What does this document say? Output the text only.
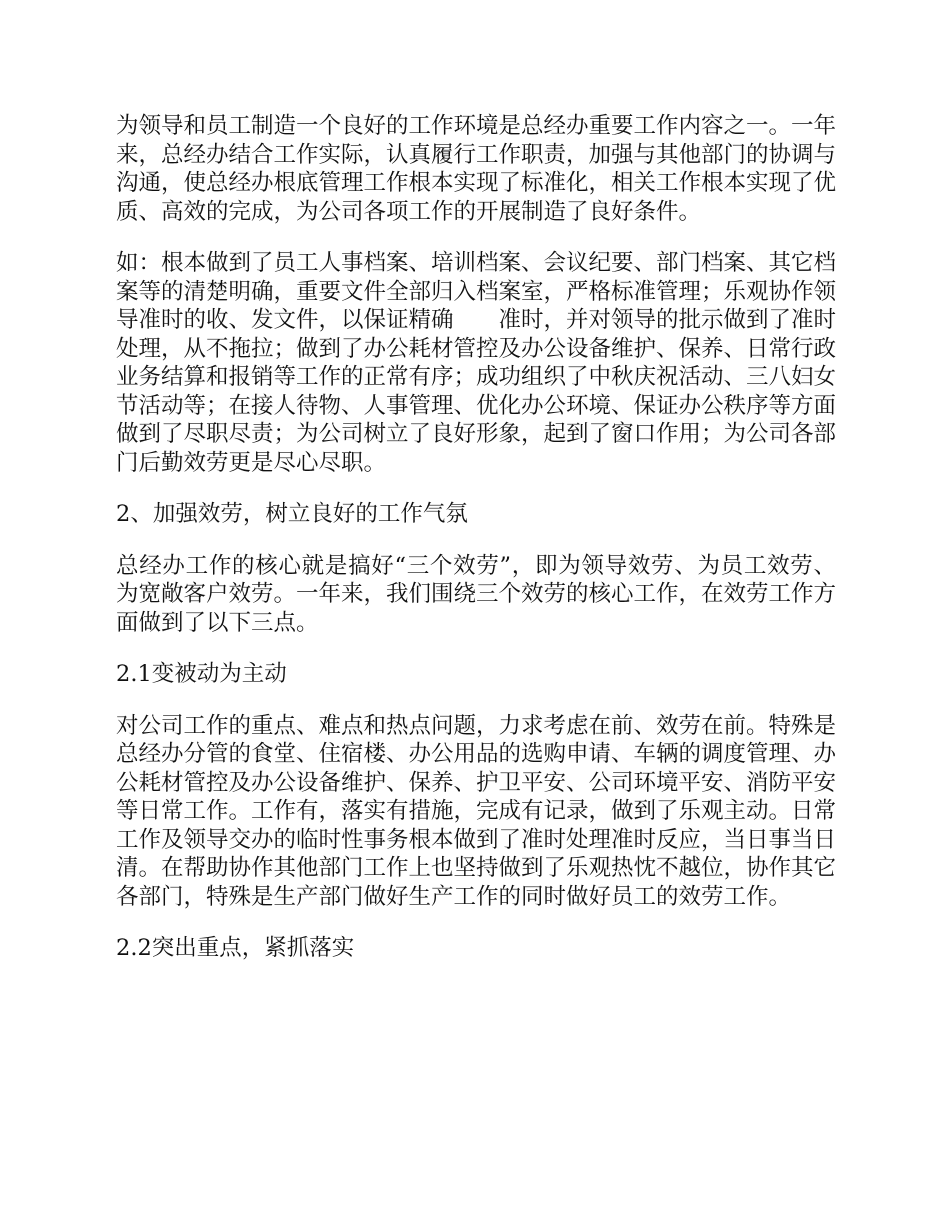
为领导和员工制造一个良好的工作环境是总经办重要工作内容之一。一年来，总经办结合工作实际，认真履行工作职责，加强与其他部门的协调与沟通，使总经办根底管理工作根本实现了标准化，相关工作根本实现了优质、高效的完成，为公司各项工作的开展制造了良好条件。

如：根本做到了员工人事档案、培训档案、会议纪要、部门档案、其它档案等的清楚明确，重要文件全部归入档案室，严格标准管理；乐观协作领导准时的收、发文件，以保证精确　　准时，并对领导的批示做到了准时处理，从不拖拉；做到了办公耗材管控及办公设备维护、保养、日常行政业务结算和报销等工作的正常有序；成功组织了中秋庆祝活动、三八妇女节活动等；在接人待物、人事管理、优化办公环境、保证办公秩序等方面做到了尽职尽责；为公司树立了良好形象，起到了窗口作用；为公司各部门后勤效劳更是尽心尽职。

2、加强效劳，树立良好的工作气氛

总经办工作的核心就是搞好“三个效劳”，即为领导效劳、为员工效劳、为宽敞客户效劳。一年来，我们围绕三个效劳的核心工作，在效劳工作方面做到了以下三点。

2.1变被动为主动

对公司工作的重点、难点和热点问题，力求考虑在前、效劳在前。特殊是总经办分管的食堂、住宿楼、办公用品的选购申请、车辆的调度管理、办公耗材管控及办公设备维护、保养、护卫平安、公司环境平安、消防平安等日常工作。工作有，落实有措施，完成有记录，做到了乐观主动。日常工作及领导交办的临时性事务根本做到了准时处理准时反应，当日事当日清。在帮助协作其他部门工作上也坚持做到了乐观热忱不越位，协作其它各部门，特殊是生产部门做好生产工作的同时做好员工的效劳工作。

2.2突出重点，紧抓落实
